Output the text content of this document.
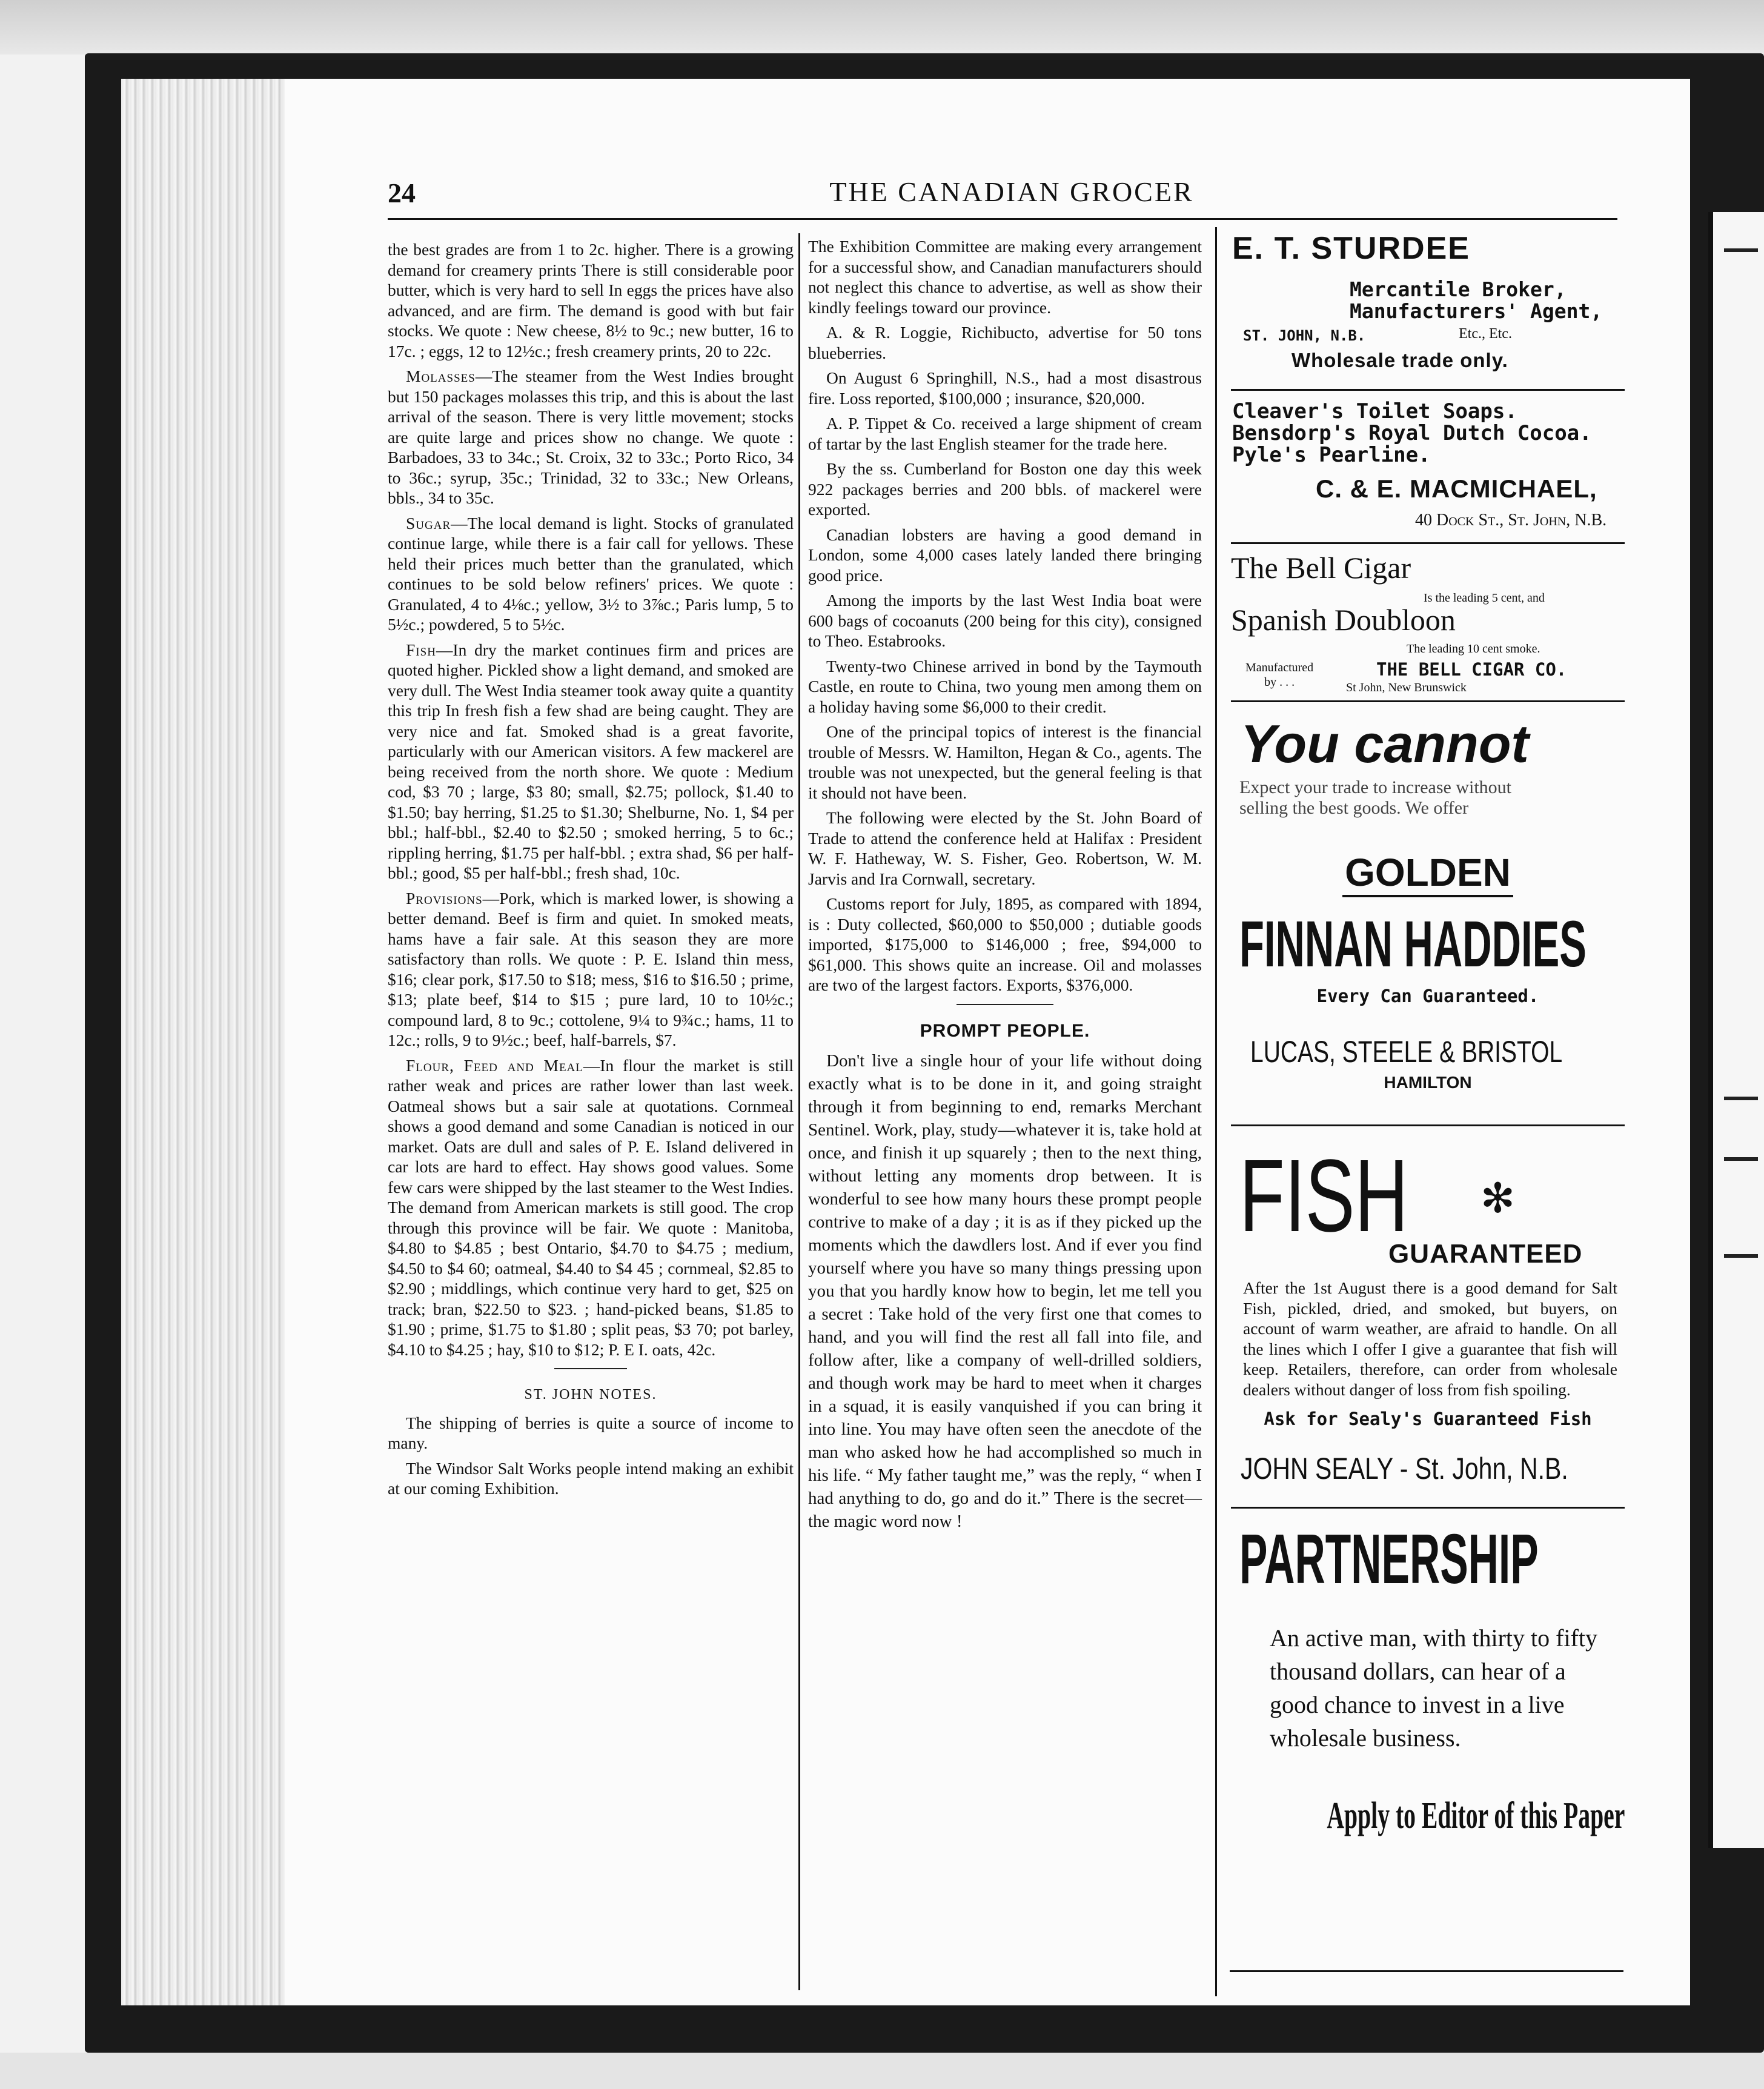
24	THE CANADIAN GROCER

the best grades are from 1 to 2c. higher. There is a growing demand for creamery prints There is still considerable poor butter, which is very hard to sell In eggs the prices have also advanced, and are firm. The demand is good with but fair stocks. We quote : New cheese, 8½ to 9c.; new butter, 16 to 17c. ; eggs, 12 to 12½c.; fresh creamery prints, 20 to 22c.

Molasses—The steamer from the West Indies brought but 150 packages molasses this trip, and this is about the last arrival of the season. There is very little movement; stocks are quite large and prices show no change. We quote : Barbadoes, 33 to 34c.; St. Croix, 32 to 33c.; Porto Rico, 34 to 36c.; syrup, 35c.; Trinidad, 32 to 33c.; New Orleans, bbls., 34 to 35c.

Sugar—The local demand is light. Stocks of granulated continue large, while there is a fair call for yellows. These held their prices much better than the granulated, which continues to be sold below refiners' prices. We quote : Granulated, 4 to 4⅛c.; yellow, 3½ to 3⅞c.; Paris lump, 5 to 5½c.; powdered, 5 to 5½c.

Fish—In dry the market continues firm and prices are quoted higher. Pickled show a light demand, and smoked are very dull. The West India steamer took away quite a quantity this trip In fresh fish a few shad are being caught. They are very nice and fat. Smoked shad is a great favorite, particularly with our American visitors. A few mackerel are being received from the north shore. We quote : Medium cod, $3 70 ; large, $3 80; small, $2.75; pollock, $1.40 to $1.50; bay herring, $1.25 to $1.30; Shelburne, No. 1, $4 per bbl.; half-bbl., $2.40 to $2.50 ; smoked herring, 5 to 6c.; rippling herring, $1.75 per half-bbl. ; extra shad, $6 per half-bbl.; good, $5 per half-bbl.; fresh shad, 10c.

Provisions—Pork, which is marked lower, is showing a better demand. Beef is firm and quiet. In smoked meats, hams have a fair sale. At this season they are more satisfactory than rolls. We quote : P. E. Island thin mess, $16; clear pork, $17.50 to $18; mess, $16 to $16.50 ; prime, $13; plate beef, $14 to $15 ; pure lard, 10 to 10½c.; compound lard, 8 to 9c.; cottolene, 9¼ to 9¾c.; hams, 11 to 12c.; rolls, 9 to 9½c.; beef, half-barrels, $7.

Flour, Feed and Meal—In flour the market is still rather weak and prices are rather lower than last week. Oatmeal shows but a sair sale at quotations. Cornmeal shows a good demand and some Canadian is noticed in our market. Oats are dull and sales of P. E. Island delivered in car lots are hard to effect. Hay shows good values. Some few cars were shipped by the last steamer to the West Indies. The demand from American markets is still good. The crop through this province will be fair. We quote : Manitoba, $4.80 to $4.85 ; best Ontario, $4.70 to $4.75 ; medium, $4.50 to $4 60; oatmeal, $4.40 to $4 45 ; cornmeal, $2.85 to $2.90 ; middlings, which continue very hard to get, $25 on track; bran, $22.50 to $23. ; hand-picked beans, $1.85 to $1.90 ; prime, $1.75 to $1.80 ; split peas, $3 70; pot barley, $4.10 to $4.25 ; hay, $10 to $12; P. E I. oats, 42c.

ST. JOHN NOTES.

The shipping of berries is quite a source of income to many.

The Windsor Salt Works people intend making an exhibit at our coming Exhibition.

The Exhibition Committee are making every arrangement for a successful show, and Canadian manufacturers should not neglect this chance to advertise, as well as show their kindly feelings toward our province.

A. & R. Loggie, Richibucto, advertise for 50 tons blueberries.

On August 6 Springhill, N.S., had a most disastrous fire. Loss reported, $100,000 ; insurance, $20,000.

A. P. Tippet & Co. received a large shipment of cream of tartar by the last English steamer for the trade here.

By the ss. Cumberland for Boston one day this week 922 packages berries and 200 bbls. of mackerel were exported.

Canadian lobsters are having a good demand in London, some 4,000 cases lately landed there bringing good price.

Among the imports by the last West India boat were 600 bags of cocoanuts (200 being for this city), consigned to Theo. Estabrooks.

Twenty-two Chinese arrived in bond by the Taymouth Castle, en route to China, two young men among them on a holiday having some $6,000 to their credit.

One of the principal topics of interest is the financial trouble of Messrs. W. Hamilton, Hegan & Co., agents. The trouble was not unexpected, but the general feeling is that it should not have been.

The following were elected by the St. John Board of Trade to attend the conference held at Halifax : President W. F. Hatheway, W. S. Fisher, Geo. Robertson, W. M. Jarvis and Ira Cornwall, secretary.

Customs report for July, 1895, as compared with 1894, is : Duty collected, $60,000 to $50,000 ; dutiable goods imported, $175,000 to $146,000 ; free, $94,000 to $61,000. This shows quite an increase. Oil and molasses are two of the largest factors. Exports, $376,000.

PROMPT PEOPLE.

Don't live a single hour of your life without doing exactly what is to be done in it, and going straight through it from beginning to end, remarks Merchant Sentinel. Work, play, study—whatever it is, take hold at once, and finish it up squarely ; then to the next thing, without letting any moments drop between. It is wonderful to see how many hours these prompt people contrive to make of a day ; it is as if they picked up the moments which the dawdlers lost. And if ever you find yourself where you have so many things pressing upon you that you hardly know how to begin, let me tell you a secret : Take hold of the very first one that comes to hand, and you will find the rest all fall into file, and follow after, like a company of well-drilled soldiers, and though work may be hard to meet when it charges in a squad, it is easily vanquished if you can bring it into line. You may have often seen the anecdote of the man who asked how he had accomplished so much in his life. “ My father taught me,” was the reply, “ when I had anything to do, go and do it.” There is the secret—the magic word now !

E. T. STURDEE
Mercantile Broker,
Manufacturers' Agent,
ST. JOHN, N.B.	Etc., Etc.
Wholesale trade only.
Cleaver's Toilet Soaps.
Bensdorp's Royal Dutch Cocoa.
Pyle's Pearline.
C. & E. MACMICHAEL,
40 Dock St., St. John, N.B.
The Bell Cigar
Is the leading 5 cent, and
Spanish Doubloon
The leading 10 cent smoke.
Manufactured
by . . .
THE BELL CIGAR CO.
St John, New Brunswick
You cannot
Expect your trade to increase without
selling the best goods. We offer
GOLDEN
FINNAN HADDIES
Every Can Guaranteed.
LUCAS, STEELE & BRISTOL
HAMILTON
FISH ✻
GUARANTEED
After the 1st August there is a good demand for Salt Fish, pickled, dried, and smoked, but buyers, on account of warm weather, are afraid to handle. On all the lines which I offer I give a guarantee that fish will keep. Retailers, therefore, can order from wholesale dealers without danger of loss from fish spoiling.
Ask for Sealy's Guaranteed Fish
JOHN SEALY - St. John, N.B.
PARTNERSHIP
An active man, with thirty to fifty thousand dollars, can hear of a good chance to invest in a live wholesale business.
Apply to Editor of this Paper
